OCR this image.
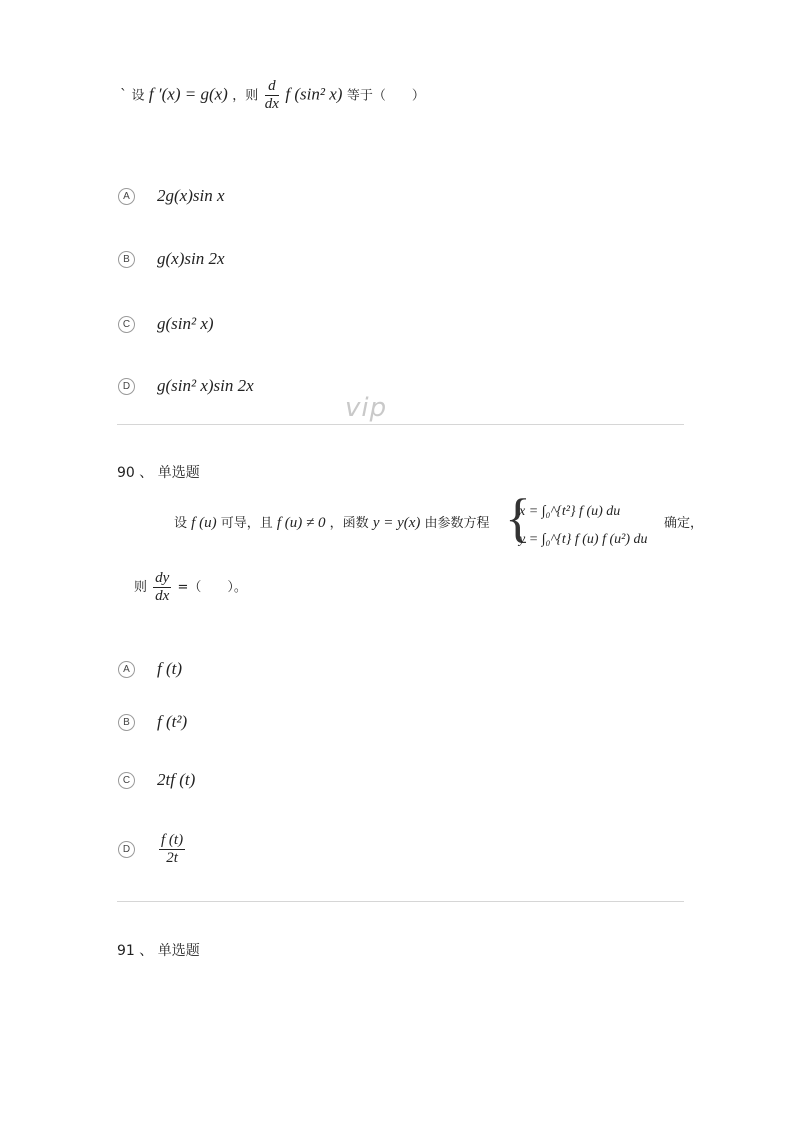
` 设 f ′(x) = g(x) ，则 $\frac{d}{dx}$ f (sin² x) 等于（　　）
A	2g(x)sin x
B	g(x)sin 2x
C g(sin² x)
D g(sin² x)sin 2x
vip
90 、 单选题
设 f (u) 可导，且 f (u) ≠ 0 ，函数 y = y(x) 由参数方程 {
x = ∫₀^{t²} f (u) du
y = ∫₀^{t} f (u) f (u²) du
确定，
则 $\frac{dy}{dx}$ =（　　）。
A	f (t)
B	f (t²)
C 2tf (t)
D	$\frac{f (t)}{2t}$
91 、 单选题
